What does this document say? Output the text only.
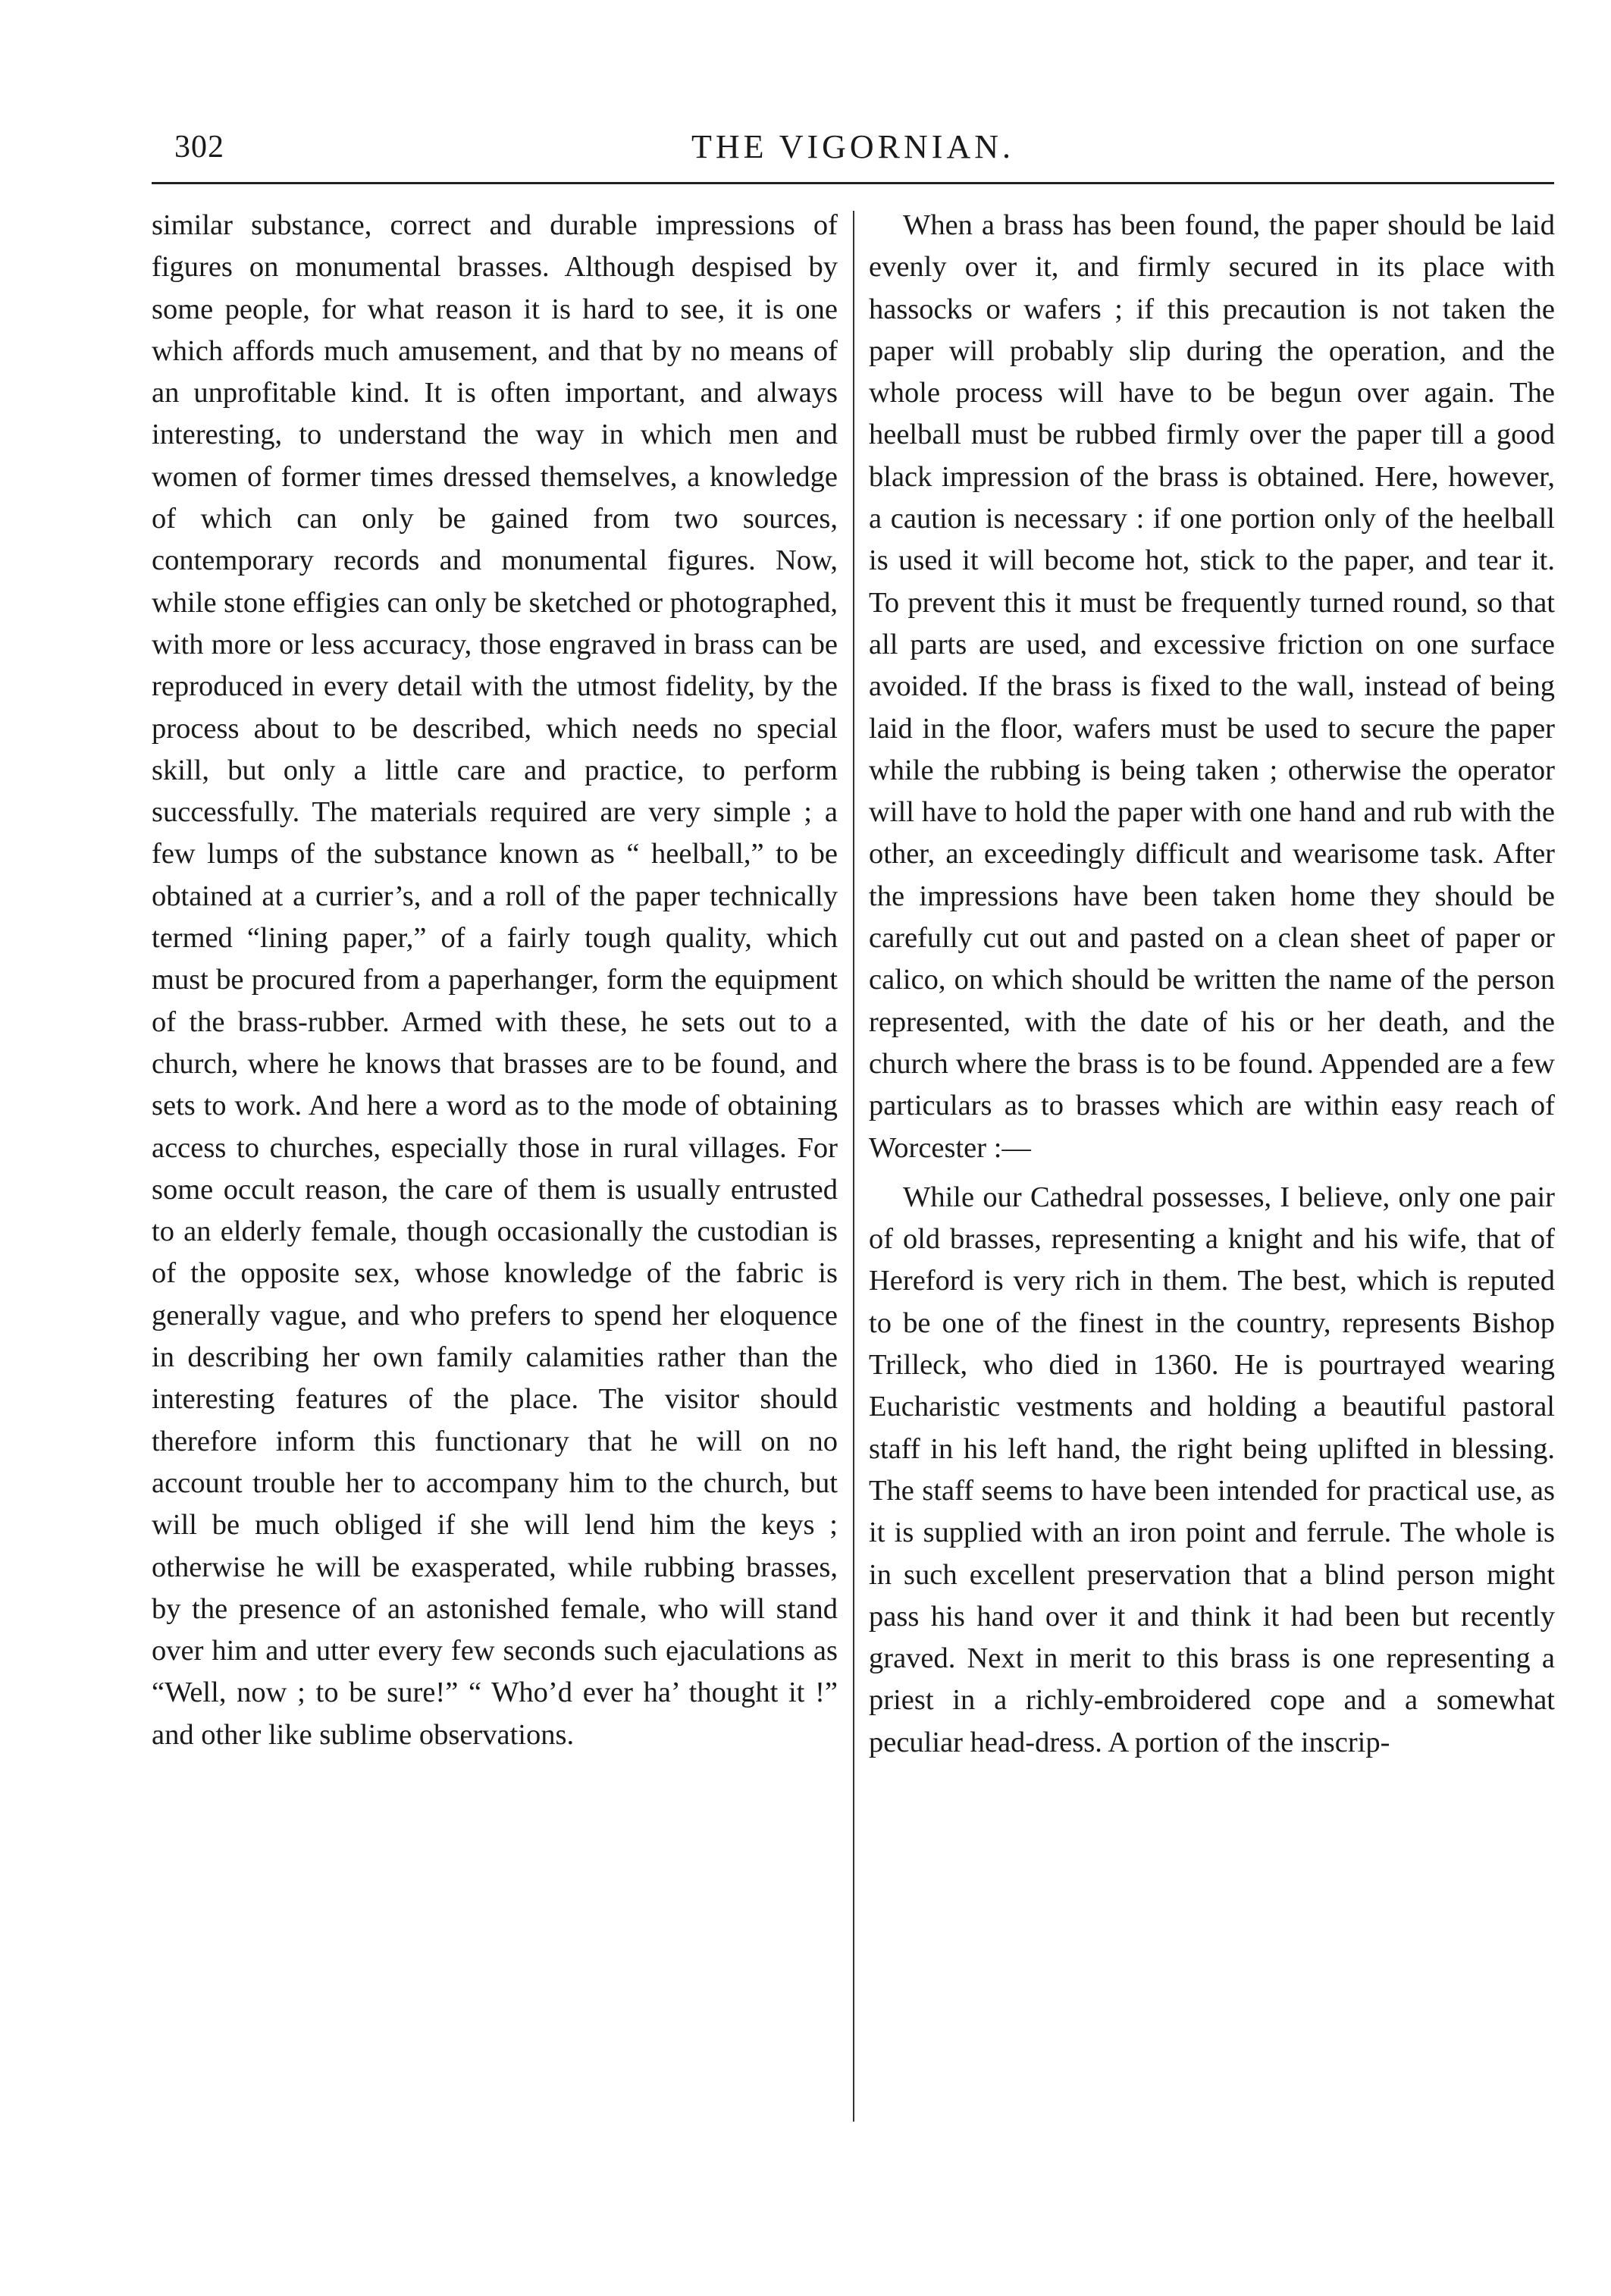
302	THE VIGORNIAN.

similar substance, correct and durable impressions of figures on monumental brasses. Although despised by some people, for what reason it is hard to see, it is one which affords much amusement, and that by no means of an unprofitable kind. It is often important, and always interesting, to understand the way in which men and women of former times dressed themselves, a knowledge of which can only be gained from two sources, contemporary records and monumental figures. Now, while stone effigies can only be sketched or photographed, with more or less accuracy, those engraved in brass can be reproduced in every detail with the utmost fidelity, by the process about to be described, which needs no special skill, but only a little care and practice, to perform successfully. The materials required are very simple ; a few lumps of the substance known as “ heelball,” to be obtained at a currier’s, and a roll of the paper technically termed “lining paper,” of a fairly tough quality, which must be procured from a paperhanger, form the equipment of the brass-rubber. Armed with these, he sets out to a church, where he knows that brasses are to be found, and sets to work. And here a word as to the mode of obtaining access to churches, especially those in rural villages. For some occult reason, the care of them is usually entrusted to an elderly female, though occasionally the custodian is of the opposite sex, whose knowledge of the fabric is generally vague, and who prefers to spend her eloquence in describing her own family calamities rather than the interesting features of the place. The visitor should therefore inform this functionary that he will on no account trouble her to accompany him to the church, but will be much obliged if she will lend him the keys ; otherwise he will be exasperated, while rubbing brasses, by the presence of an astonished female, who will stand over him and utter every few seconds such ejaculations as “Well, now ; to be sure!” “ Who’d ever ha’ thought it !” and other like sublime observations.

When a brass has been found, the paper should be laid evenly over it, and firmly secured in its place with hassocks or wafers ; if this precaution is not taken the paper will probably slip during the operation, and the whole process will have to be begun over again. The heelball must be rubbed firmly over the paper till a good black impression of the brass is obtained. Here, however, a caution is necessary : if one portion only of the heelball is used it will become hot, stick to the paper, and tear it. To prevent this it must be frequently turned round, so that all parts are used, and excessive friction on one surface avoided. If the brass is fixed to the wall, instead of being laid in the floor, wafers must be used to secure the paper while the rubbing is being taken ; otherwise the operator will have to hold the paper with one hand and rub with the other, an exceedingly difficult and wearisome task. After the impressions have been taken home they should be carefully cut out and pasted on a clean sheet of paper or calico, on which should be written the name of the person represented, with the date of his or her death, and the church where the brass is to be found. Appended are a few particulars as to brasses which are within easy reach of Worcester :—

While our Cathedral possesses, I believe, only one pair of old brasses, representing a knight and his wife, that of Hereford is very rich in them. The best, which is reputed to be one of the finest in the country, represents Bishop Trilleck, who died in 1360. He is pourtrayed wearing Eucharistic vestments and holding a beautiful pastoral staff in his left hand, the right being uplifted in blessing. The staff seems to have been intended for practical use, as it is supplied with an iron point and ferrule. The whole is in such excellent preservation that a blind person might pass his hand over it and think it had been but recently graved. Next in merit to this brass is one representing a priest in a richly-embroidered cope and a somewhat peculiar head-dress. A portion of the inscrip-
